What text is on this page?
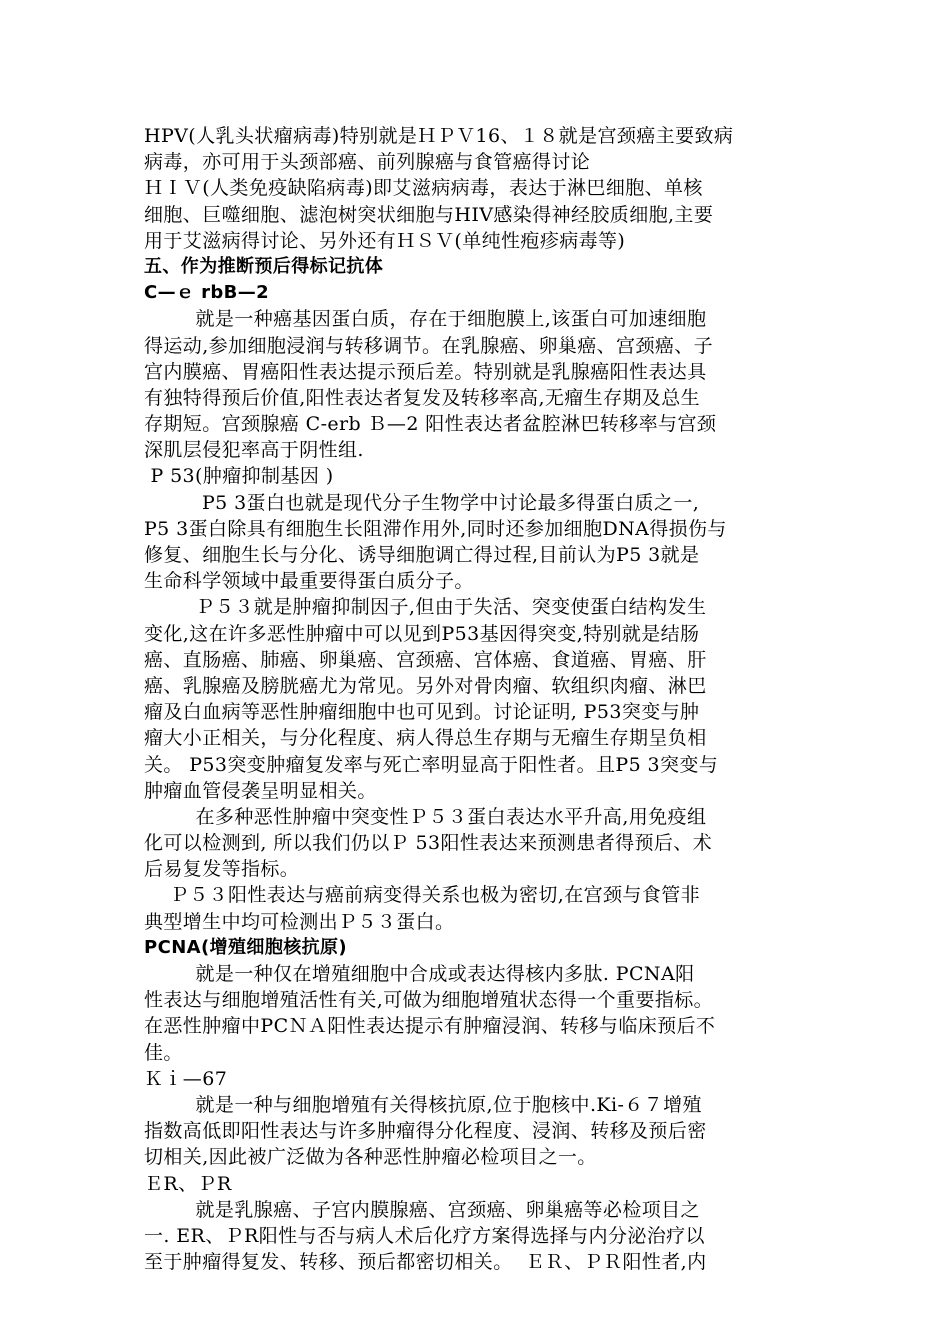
HPV(人乳头状瘤病毒)特别就是ＨＰＶ16、１８就是宫颈癌主要致病
病毒，亦可用于头颈部癌、前列腺癌与食管癌得讨论
ＨＩＶ(人类免疫缺陷病毒)即艾滋病病毒，表达于淋巴细胞、单核
细胞、巨噬细胞、滤泡树突状细胞与HIV感染得神经胶质细胞,主要
用于艾滋病得讨论、另外还有ＨＳＶ(单纯性疱疹病毒等)
五、作为推断预后得标记抗体
C—ｅ rbB—2
就是一种癌基因蛋白质，存在于细胞膜上,该蛋白可加速细胞
得运动,参加细胞浸润与转移调节。在乳腺癌、卵巢癌、宫颈癌、子
宫内膜癌、胃癌阳性表达提示预后差。特别就是乳腺癌阳性表达具
有独特得预后价值,阳性表达者复发及转移率高,无瘤生存期及总生
存期短。宫颈腺癌 C-erb Ｂ—2 阳性表达者盆腔淋巴转移率与宫颈
深肌层侵犯率高于阴性组.
P 53(肿瘤抑制基因 )
P5 3蛋白也就是现代分子生物学中讨论最多得蛋白质之一,
P5 3蛋白除具有细胞生长阻滞作用外,同时还参加细胞DNA得损伤与
修复、细胞生长与分化、诱导细胞调亡得过程,目前认为P5 3就是
生命科学领域中最重要得蛋白质分子。
Ｐ５３就是肿瘤抑制因子,但由于失活、突变使蛋白结构发生
变化,这在许多恶性肿瘤中可以见到P53基因得突变,特别就是结肠
癌、直肠癌、肺癌、卵巢癌、宫颈癌、宫体癌、食道癌、胃癌、肝
癌、乳腺癌及膀胱癌尤为常见。另外对骨肉瘤、软组织肉瘤、淋巴
瘤及白血病等恶性肿瘤细胞中也可见到。讨论证明, P53突变与肿
瘤大小正相关，与分化程度、病人得总生存期与无瘤生存期呈负相
关。 P53突变肿瘤复发率与死亡率明显高于阳性者。且P5 3突变与
肿瘤血管侵袭呈明显相关。
在多种恶性肿瘤中突变性Ｐ５３蛋白表达水平升高,用免疫组
化可以检测到, 所以我们仍以Ｐ 53阳性表达来预测患者得预后、术
后易复发等指标。
Ｐ５３阳性表达与癌前病变得关系也极为密切,在宫颈与食管非
典型增生中均可检测出Ｐ５３蛋白。
PCNA(增殖细胞核抗原)
就是一种仅在增殖细胞中合成或表达得核内多肽. PCNA阳
性表达与细胞增殖活性有关,可做为细胞增殖状态得一个重要指标。
在恶性肿瘤中PCＮＡ阳性表达提示有肿瘤浸润、转移与临床预后不
佳。
Ｋｉ—67
就是一种与细胞增殖有关得核抗原,位于胞核中.Ki-６７增殖
指数高低即阳性表达与许多肿瘤得分化程度、浸润、转移及预后密
切相关,因此被广泛做为各种恶性肿瘤必检项目之一。
ＥR、ＰR
就是乳腺癌、子宫内膜腺癌、宫颈癌、卵巢癌等必检项目之
一. ER、ＰR阳性与否与病人术后化疗方案得选择与内分泌治疗以
至于肿瘤得复发、转移、预后都密切相关。  ＥＲ、ＰＲ阳性者,内
